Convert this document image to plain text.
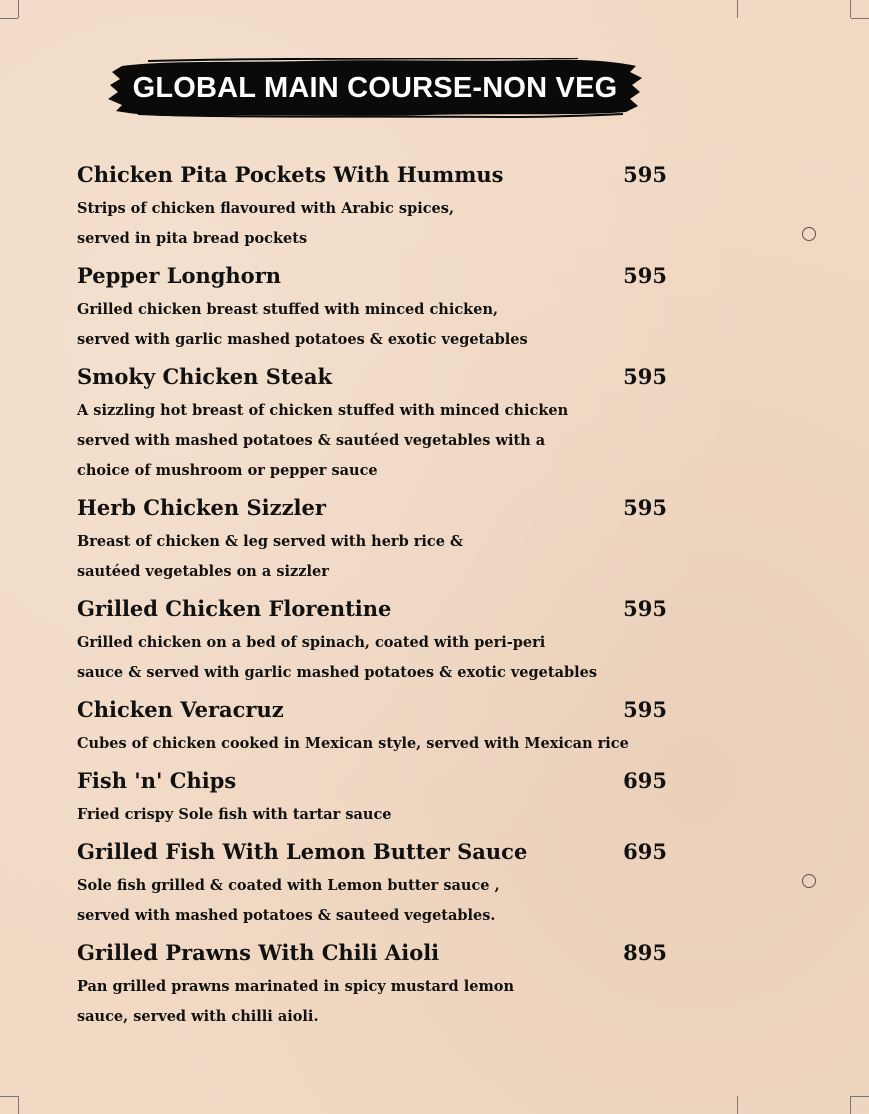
GLOBAL MAIN COURSE-NON VEG
Chicken Pita Pockets With Hummus	595
Strips of chicken flavoured with Arabic spices,
served in pita bread pockets
Pepper Longhorn	595
Grilled chicken breast stuffed with minced chicken,
served with garlic mashed potatoes & exotic vegetables
Smoky Chicken Steak	595
A sizzling hot breast of chicken stuffed with minced chicken
served with mashed potatoes & sautéed vegetables with a
choice of mushroom or pepper sauce
Herb Chicken Sizzler	595
Breast of chicken & leg served with herb rice &
sautéed vegetables on a sizzler
Grilled Chicken Florentine	595
Grilled chicken on a bed of spinach, coated with peri-peri
sauce & served with garlic mashed potatoes & exotic vegetables
Chicken Veracruz	595
Cubes of chicken cooked in Mexican style, served with Mexican rice
Fish 'n' Chips	695
Fried crispy Sole fish with tartar sauce
Grilled Fish With Lemon Butter Sauce	695
Sole fish grilled & coated with Lemon butter sauce ,
served with mashed potatoes & sauteed vegetables.
Grilled Prawns With Chili Aioli	895
Pan grilled prawns marinated in spicy mustard lemon
sauce, served with chilli aioli.
